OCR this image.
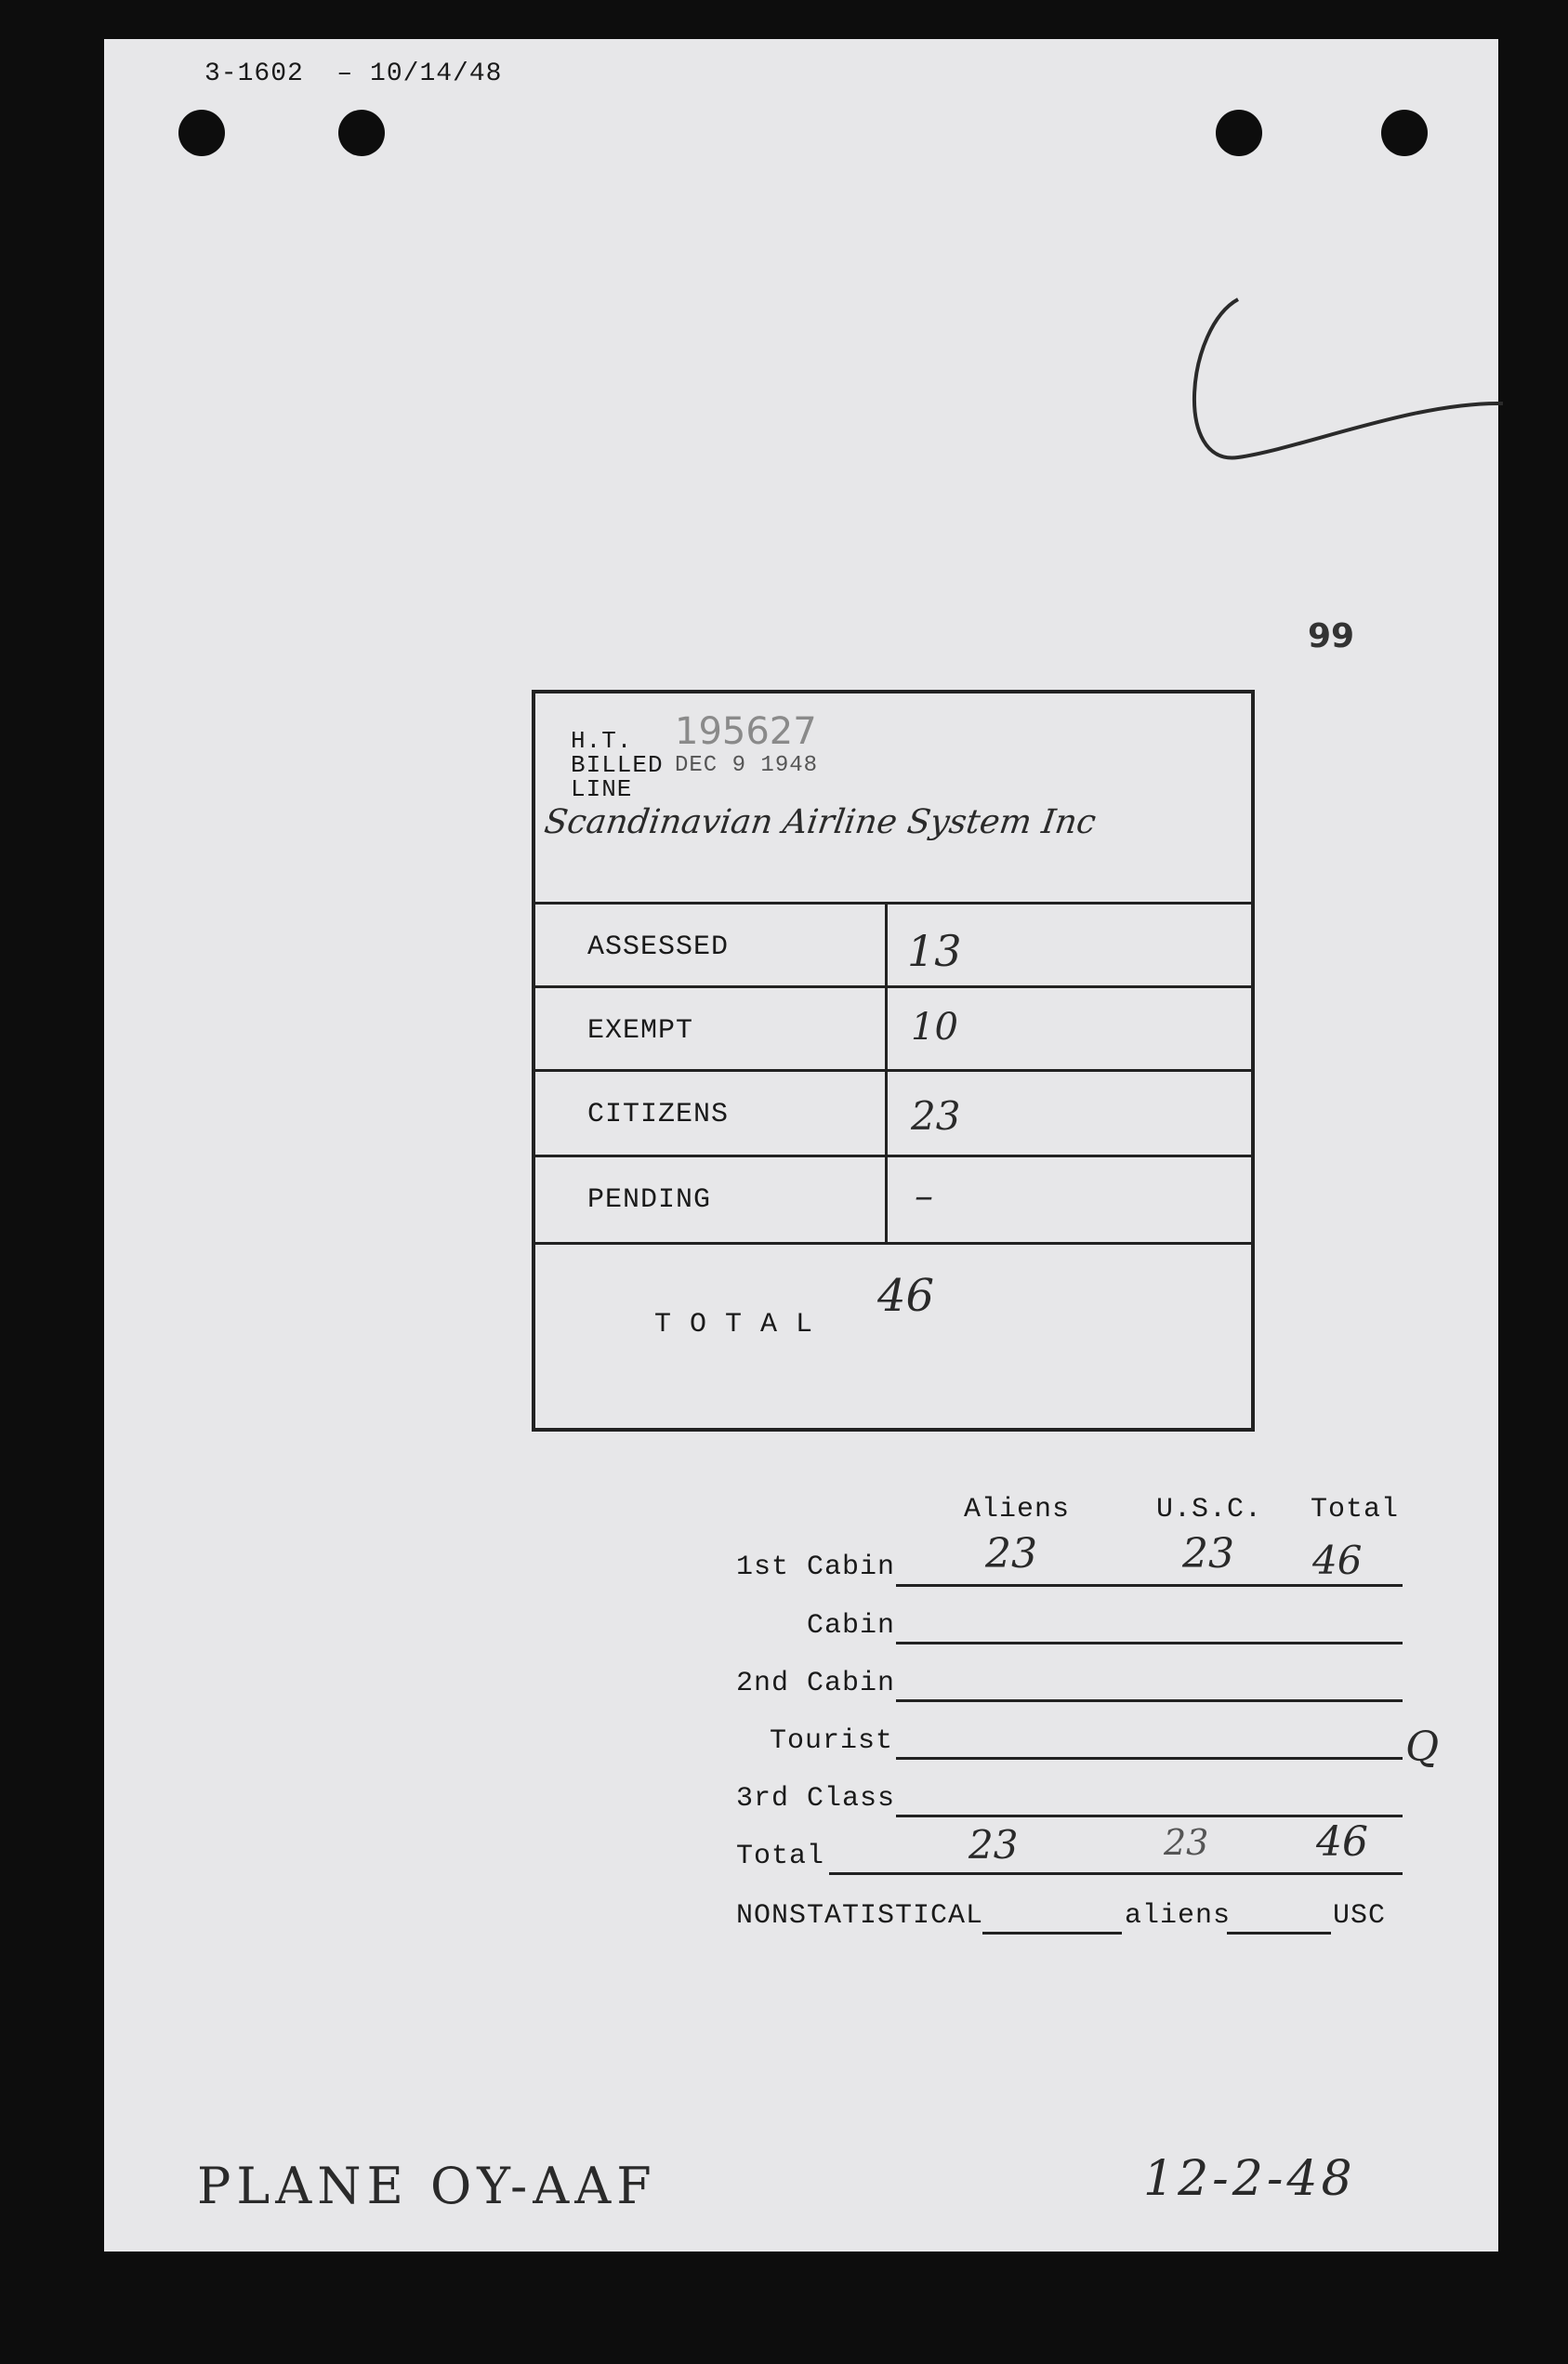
3-1602  – 10/14/48
99
H.T. 195627
BILLED DEC 9 1948
LINE
Scandinavian Airline System Inc
ASSESSED	13
EXEMPT	10
CITIZENS	23
PENDING	–
T O T A L
46
Aliens	U.S.C. Total
1st Cabin 23	23 46
Cabin
2nd Cabin
Tourist	Q
3rd Class
Total	23	23	46
NONSTATISTICAL	aliens	USC
PLANE OY-AAF	12-2-48
